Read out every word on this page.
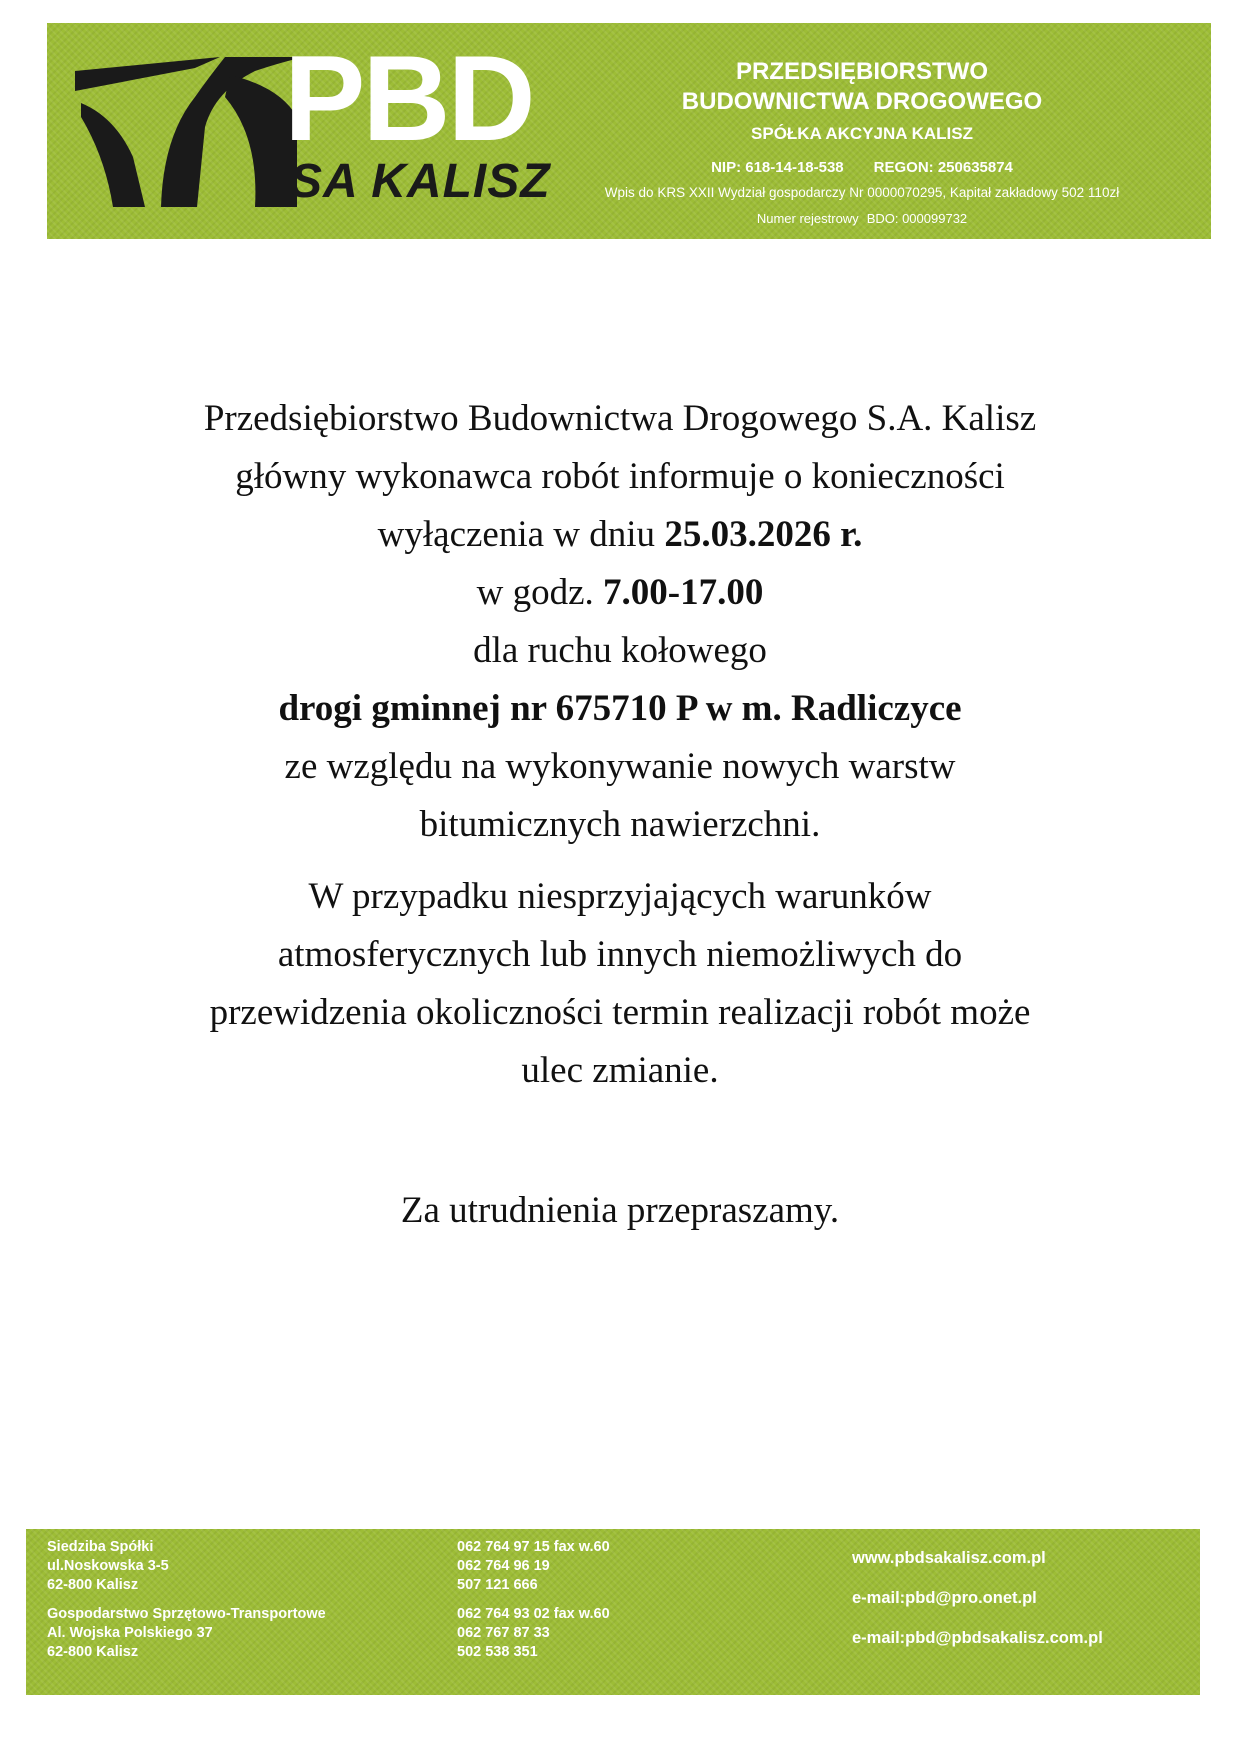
PBD
SA KALISZ
PRZEDSIĘBIORSTWO
BUDOWNICTWA DROGOWEGO
SPÓŁKA AKCYJNA KALISZ
NIP: 618-14-18-538 REGON: 250635874
Wpis do KRS XXII Wydział gospodarczy Nr 0000070295, Kapitał zakładowy 502 110zł
Numer rejestrowy BDO: 000099732
Przedsiębiorstwo Budownictwa Drogowego S.A. Kalisz
główny wykonawca robót informuje o konieczności
wyłączenia w dniu 25.03.2026 r.
w godz. 7.00-17.00
dla ruchu kołowego
drogi gminnej nr 675710 P w m. Radliczyce
ze względu na wykonywanie nowych warstw
bitumicznych nawierzchni.
W przypadku niesprzyjających warunków
atmosferycznych lub innych niemożliwych do
przewidzenia okoliczności termin realizacji robót może
ulec zmianie.
Za utrudnienia przepraszamy.
Siedziba Spółki
ul.Noskowska 3-5
62-800 Kalisz
Gospodarstwo Sprzętowo-Transportowe
Al. Wojska Polskiego 37
62-800 Kalisz
062 764 97 15 fax w.60
062 764 96 19
507 121 666
062 764 93 02 fax w.60
062 767 87 33
502 538 351
www.pbdsakalisz.com.pl
e-mail:pbd@pro.onet.pl
e-mail:pbd@pbdsakalisz.com.pl
